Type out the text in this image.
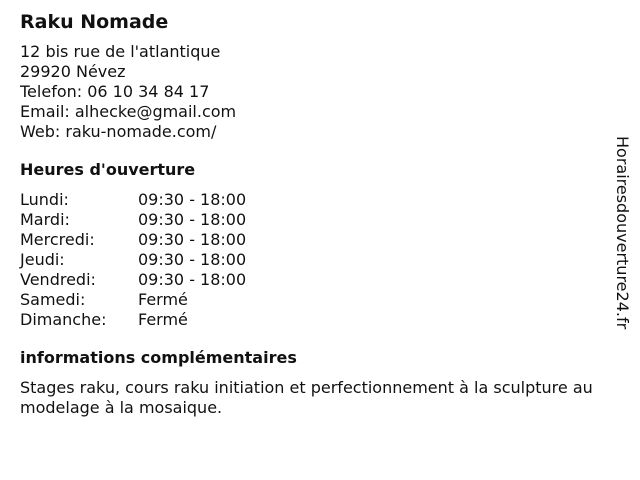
Raku Nomade
12 bis rue de l'atlantique
29920 Névez
Telefon: 06 10 34 84 17
Email: alhecke@gmail.com
Web: raku-nomade.com/
Heures d'ouverture
Lundi:	09:30 - 18:00
Mardi:	09:30 - 18:00
Mercredi:	09:30 - 18:00
Jeudi:	09:30 - 18:00
Vendredi:	09:30 - 18:00
Samedi:	Fermé
Dimanche:	Fermé
informations complémentaires
Stages raku, cours raku initiation et perfectionnement à la sculpture au modelage à la mosaique.
Horairesdouverture24.fr
